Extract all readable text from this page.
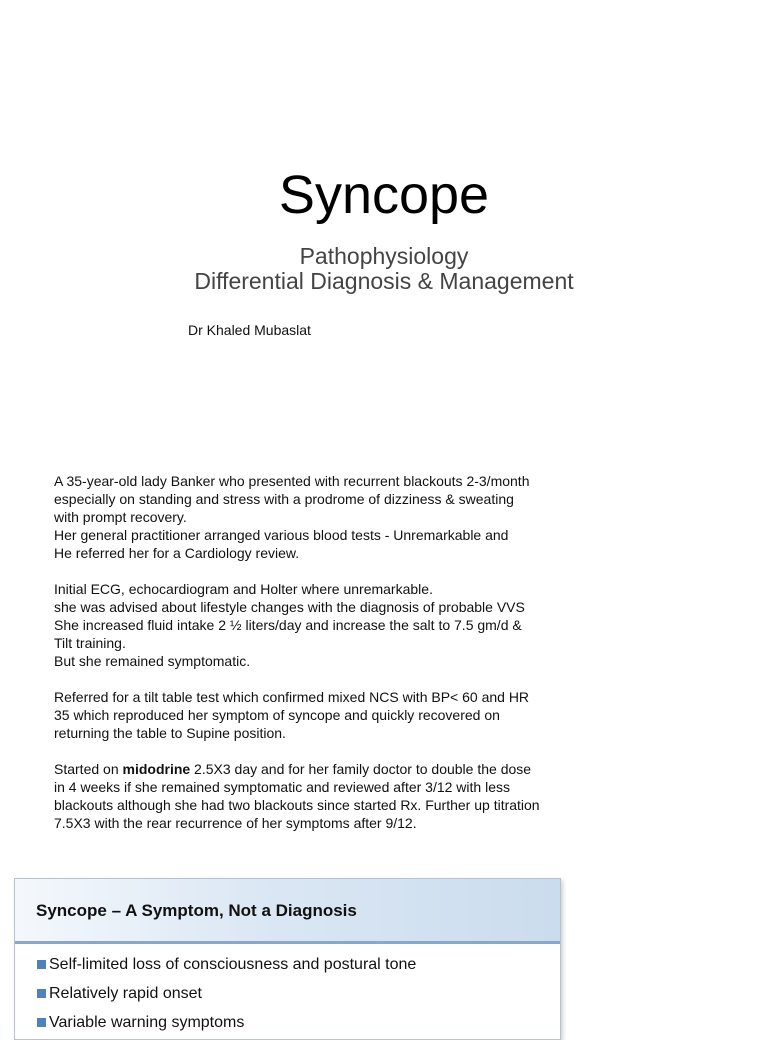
Syncope
Pathophysiology
Differential Diagnosis & Management
Dr Khaled Mubaslat

A 35-year-old lady Banker who presented with recurrent blackouts 2-3/month
especially on standing and stress with a prodrome of dizziness & sweating
with prompt recovery.
Her general practitioner arranged various blood tests - Unremarkable and
He referred her for a Cardiology review.

Initial ECG, echocardiogram and Holter where unremarkable.
she was advised about lifestyle changes with the diagnosis of probable VVS
She increased fluid intake 2 ½ liters/day and increase the salt to 7.5 gm/d &
Tilt training.
But she remained symptomatic.

Referred for a tilt table test which confirmed mixed NCS with BP< 60 and HR
35 which reproduced her symptom of syncope and quickly recovered on
returning the table to Supine position.

Started on midodrine 2.5X3 day and for her family doctor to double the dose
in 4 weeks if she remained symptomatic and reviewed after 3/12 with less
blackouts although she had two blackouts since started Rx. Further up titration
7.5X3 with the rear recurrence of her symptoms after 9/12.

Syncope – A Symptom, Not a Diagnosis
Self-limited loss of consciousness and postural tone
Relatively rapid onset
Variable warning symptoms
